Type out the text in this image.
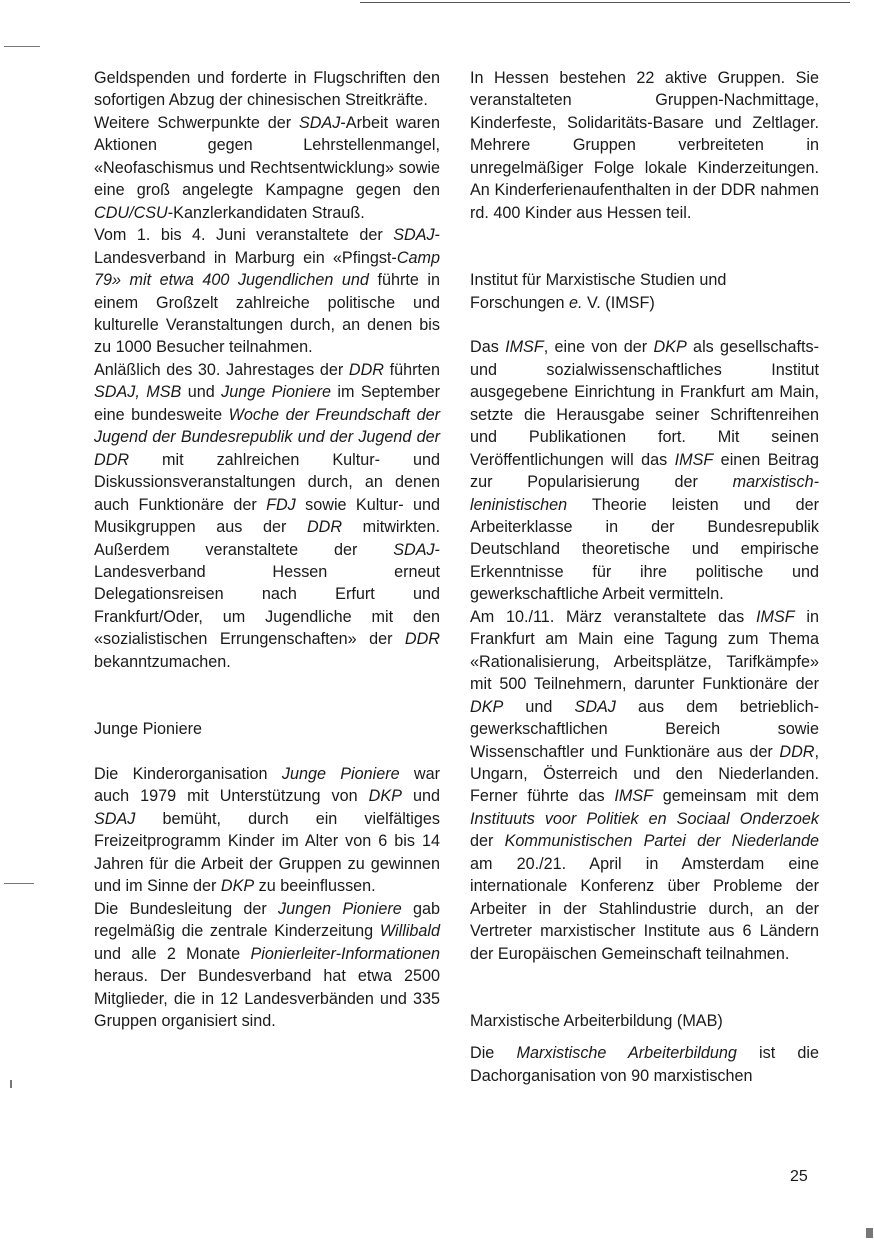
Geldspenden und forderte in Flugschriften den sofortigen Abzug der chinesischen Streitkräfte.

Weitere Schwerpunkte der SDAJ-Arbeit waren Aktionen gegen Lehrstellenmangel, «Neofaschismus und Rechtsentwicklung» sowie eine groß angelegte Kampagne gegen den CDU/CSU-Kanzlerkandidaten Strauß.

Vom 1. bis 4. Juni veranstaltete der SDAJ-Landesverband in Marburg ein «Pfingst-Camp 79» mit etwa 400 Jugendlichen und führte in einem Großzelt zahlreiche politische und kulturelle Veranstaltungen durch, an denen bis zu 1000 Besucher teilnahmen.

Anläßlich des 30. Jahrestages der DDR führten SDAJ, MSB und Junge Pioniere im September eine bundesweite Woche der Freundschaft der Jugend der Bundesrepublik und der Jugend der DDR mit zahlreichen Kultur- und Diskussionsveranstaltungen durch, an denen auch Funktionäre der FDJ sowie Kultur- und Musikgruppen aus der DDR mitwirkten. Außerdem veranstaltete der SDAJ-Landesverband Hessen erneut Delegationsreisen nach Erfurt und Frankfurt/Oder, um Jugendliche mit den «sozialistischen Errungenschaften» der DDR bekanntzumachen.

Junge Pioniere

Die Kinderorganisation Junge Pioniere war auch 1979 mit Unterstützung von DKP und SDAJ bemüht, durch ein vielfältiges Freizeitprogramm Kinder im Alter von 6 bis 14 Jahren für die Arbeit der Gruppen zu gewinnen und im Sinne der DKP zu beeinflussen.

Die Bundesleitung der Jungen Pioniere gab regelmäßig die zentrale Kinderzeitung Willibald und alle 2 Monate Pionierleiter-Informationen heraus. Der Bundesverband hat etwa 2500 Mitglieder, die in 12 Landesverbänden und 335 Gruppen organisiert sind.

In Hessen bestehen 22 aktive Gruppen. Sie veranstalteten Gruppen-Nachmittage, Kinderfeste, Solidaritäts-Basare und Zeltlager. Mehrere Gruppen verbreiteten in unregelmäßiger Folge lokale Kinderzeitungen. An Kinderferienaufenthalten in der DDR nahmen rd. 400 Kinder aus Hessen teil.

Institut für Marxistische Studien und Forschungen e. V. (IMSF)

Das IMSF, eine von der DKP als gesellschafts- und sozialwissenschaftliches Institut ausgegebene Einrichtung in Frankfurt am Main, setzte die Herausgabe seiner Schriftenreihen und Publikationen fort. Mit seinen Veröffentlichungen will das IMSF einen Beitrag zur Popularisierung der marxistisch-leninistischen Theorie leisten und der Arbeiterklasse in der Bundesrepublik Deutschland theoretische und empirische Erkenntnisse für ihre politische und gewerkschaftliche Arbeit vermitteln.

Am 10./11. März veranstaltete das IMSF in Frankfurt am Main eine Tagung zum Thema «Rationalisierung, Arbeitsplätze, Tarifkämpfe» mit 500 Teilnehmern, darunter Funktionäre der DKP und SDAJ aus dem betrieblich-gewerkschaftlichen Bereich sowie Wissenschaftler und Funktionäre aus der DDR, Ungarn, Österreich und den Niederlanden. Ferner führte das IMSF gemeinsam mit dem Instituuts voor Politiek en Sociaal Onderzoek der Kommunistischen Partei der Niederlande am 20./21. April in Amsterdam eine internationale Konferenz über Probleme der Arbeiter in der Stahlindustrie durch, an der Vertreter marxistischer Institute aus 6 Ländern der Europäischen Gemeinschaft teilnahmen.

Marxistische Arbeiterbildung (MAB)

Die Marxistische Arbeiterbildung ist die Dachorganisation von 90 marxistischen

25
